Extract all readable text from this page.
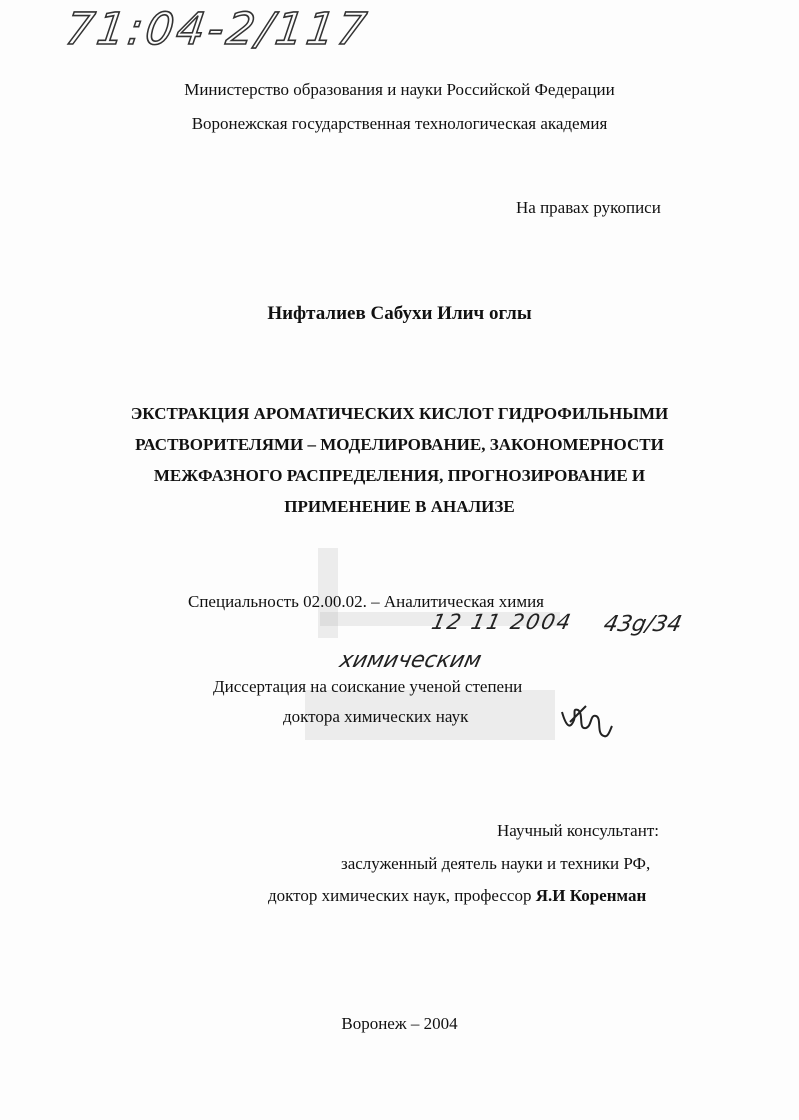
71:04-2/117
Министерство образования и науки Российской Федерации
Воронежская государственная технологическая академия
На правах рукописи
Нифталиев Сабухи Илич оглы
ЭКСТРАКЦИЯ АРОМАТИЧЕСКИХ КИСЛОТ ГИДРОФИЛЬНЫМИ
РАСТВОРИТЕЛЯМИ – МОДЕЛИРОВАНИЕ, ЗАКОНОМЕРНОСТИ
МЕЖФАЗНОГО РАСПРЕДЕЛЕНИЯ, ПРОГНОЗИРОВАНИЕ И
ПРИМЕНЕНИЕ В АНАЛИЗЕ
Специальность 02.00.02. – Аналитическая химия
12 11 2004 43g/34
химическим
Диссертация на соискание ученой степени
доктора химических наук
Научный консультант:
заслуженный деятель науки и техники РФ,
доктор химических наук, профессор Я.И Коренман
Воронеж – 2004
